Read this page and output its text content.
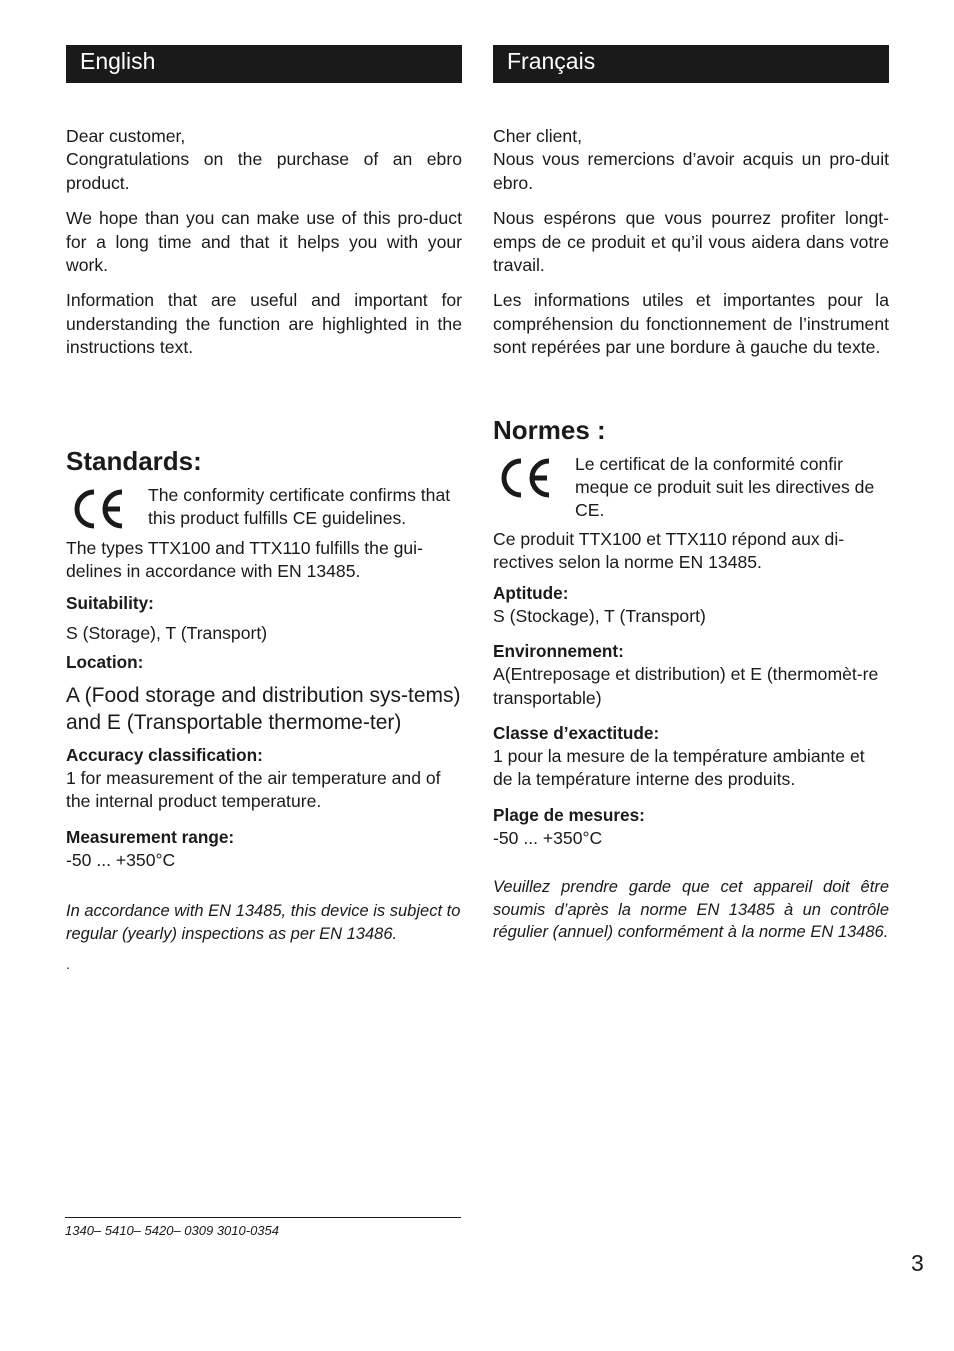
English

Dear customer,

Congratulations on the purchase of an ebro product.

We hope than you can make use of this pro-duct for a long time and that it helps you with your work.

Information that are useful and important for understanding the function are highlighted in the instructions text.

Standards:

The conformity certificate confirms that this product fulfills CE guidelines.

The types TTX100 and TTX110 fulfills the gui-delines in accordance with EN 13485.

Suitability:

S (Storage), T (Transport)

Location:

A (Food storage and distribution sys-tems) and E (Transportable thermome-ter)

Accuracy classification:

1 for measurement of the air temperature and of the internal product temperature.

Measurement range:

-50 ... +350°C

In accordance with EN 13485, this device is subject to regular (yearly) inspections as per EN 13486.

.

Français

Cher client,

Nous vous remercions d’avoir acquis un pro-duit ebro.

Nous espérons que vous pourrez profiter longt-emps de ce produit et qu’il vous aidera dans votre travail.

Les informations utiles et importantes pour la compréhension du fonctionnement de l’instrument sont repérées par une bordure à gauche du texte.

Normes :

Le certificat de la conformité confir meque ce produit suit les directives de CE.

Ce produit TTX100 et TTX110 répond aux di-rectives selon la norme EN 13485.

Aptitude:

S (Stockage), T (Transport)

Environnement:

A(Entreposage et distribution) et E (thermomèt-re transportable)

Classe d’exactitude:

1 pour la mesure de la température ambiante et de la température interne des produits.

Plage de mesures:

-50 ... +350°C

Veuillez prendre garde que cet appareil doit être soumis d’après la norme EN 13485 à un contrôle régulier (annuel) conformément à la norme EN 13486.

1340– 5410– 5420– 0309 3010-0354
3
